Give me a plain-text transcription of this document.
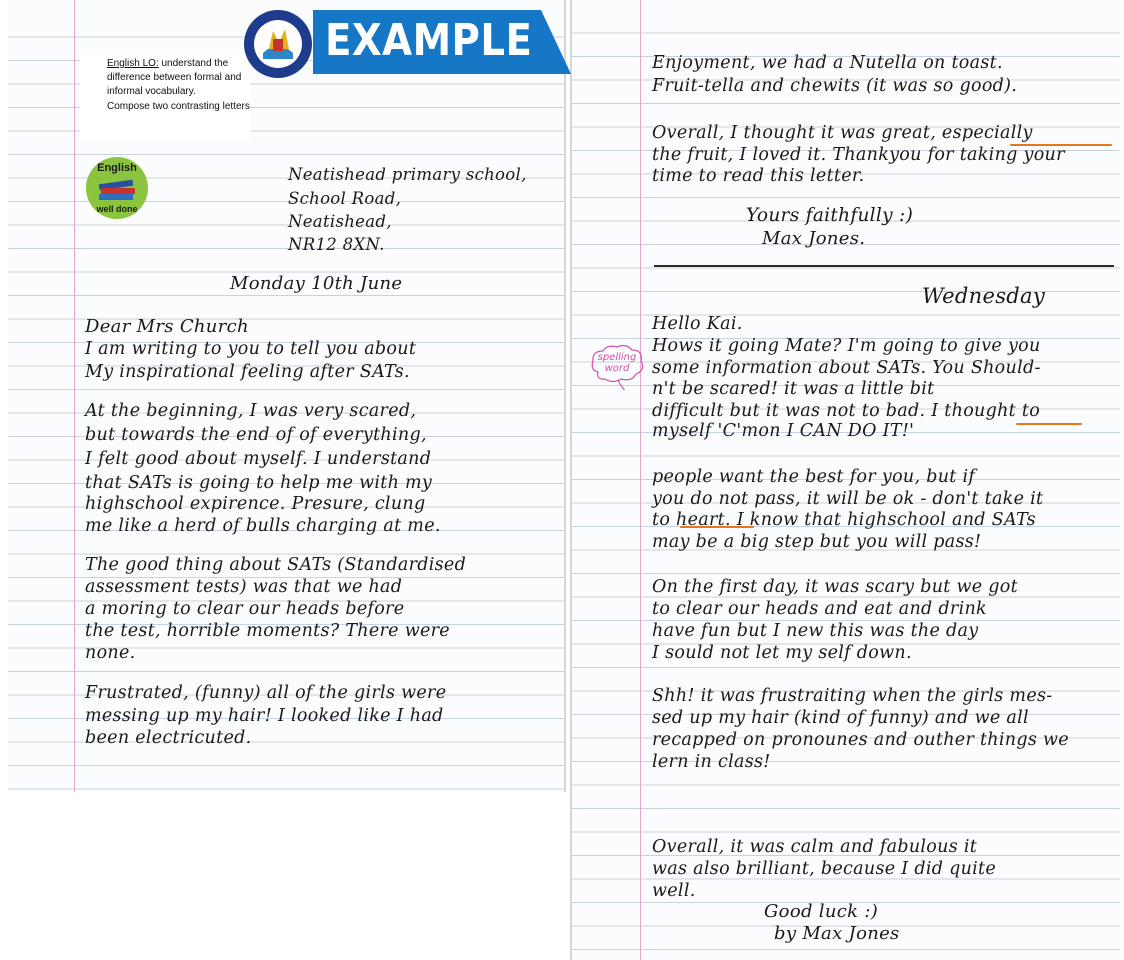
English LO: understand the
difference between formal and
informal vocabulary.
Compose two contrasting letters
EXAMPLE
English
well done
Neatishead primary school,
School Road,
Neatishead,
NR12 8XN.
Monday 10th June
Dear Mrs Church
I am writing to you to tell you about
My inspirational feeling after SATs.
At the beginning, I was very scared,
but towards the end of of everything,
I felt good about myself. I understand
that SATs is going to help me with my
highschool expirence. Presure, clung
me like a herd of bulls charging at me.
The good thing about SATs (Standardised
assessment tests) was that we had
a moring to clear our heads before
the test, horrible moments? There were
none.
Frustrated, (funny) all of the girls were
messing up my hair! I looked like I had
been electricuted.
Enjoyment, we had a Nutella on toast.
Fruit-tella and chewits (it was so good).
Overall, I thought it was great, especially
the fruit, I loved it. Thankyou for taking your
time to read this letter.
Yours faithfully :)
Max Jones.
Wednesday
Hello Kai.
Hows it going Mate? I'm going to give you
some information about SATs. You Should-
n't be scared! it was a little bit
difficult but it was not to bad. I thought to
myself 'C'mon I CAN DO IT!'
people want the best for you, but if
you do not pass, it will be ok - don't take it
to heart. I know that highschool and SATs
may be a big step but you will pass!
On the first day, it was scary but we got
to clear our heads and eat and drink
have fun but I new this was the day
I sould not let my self down.
Shh! it was frustraiting when the girls mes-
sed up my hair (kind of funny) and we all
recapped on pronounes and outher things we
lern in class!
Overall, it was calm and fabulous it
was also brilliant, because I did quite
well.
Good luck :)
by Max Jones
spelling
word
